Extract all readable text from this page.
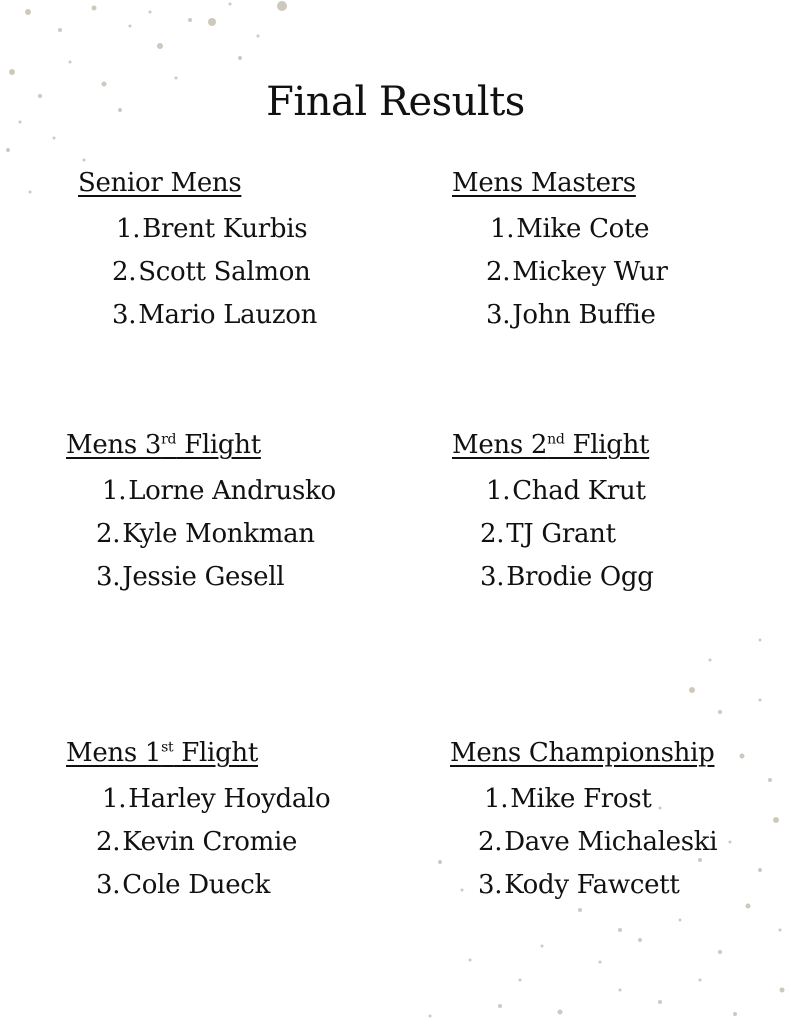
Final Results
Senior Mens
1.Brent Kurbis
2.Scott Salmon
3.Mario Lauzon
Mens Masters
1.Mike Cote
2.Mickey Wur
3.John Buffie
Mens 3rd Flight
1.Lorne Andrusko
2.Kyle Monkman
3.Jessie Gesell
Mens 2nd Flight
1.Chad Krut
2.TJ Grant
3.Brodie Ogg
Mens 1st Flight
1.Harley Hoydalo
2.Kevin Cromie
3.Cole Dueck
Mens Championship
1.Mike Frost
2.Dave Michaleski
3.Kody Fawcett
